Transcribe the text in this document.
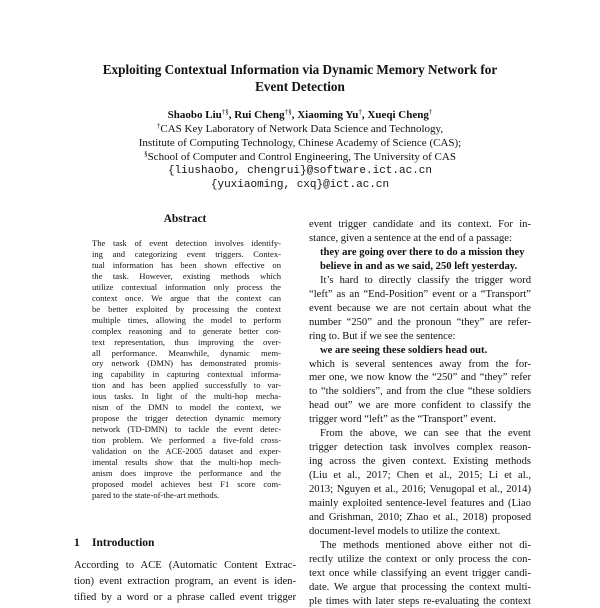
Exploiting Contextual Information via Dynamic Memory Network for
Event Detection
Shaobo Liu†§, Rui Cheng†§, Xiaoming Yu†, Xueqi Cheng†
†CAS Key Laboratory of Network Data Science and Technology,
Institute of Computing Technology, Chinese Academy of Science (CAS);
§School of Computer and Control Engineering, The University of CAS
{liushaobo, chengrui}@software.ict.ac.cn
{yuxiaoming, cxq}@ict.ac.cn
Abstract
The task of event detection involves identify-
ing and categorizing event triggers. Contex-
tual information has been shown effective on
the task. However, existing methods which
utilize contextual information only process the
context once. We argue that the context can
be better exploited by processing the context
multiple times, allowing the model to perform
complex reasoning and to generate better con-
text representation, thus improving the over-
all performance. Meanwhile, dynamic mem-
ory network (DMN) has demonstrated promis-
ing capability in capturing contextual informa-
tion and has been applied successfully to var-
ious tasks. In light of the multi-hop mecha-
nism of the DMN to model the context, we
propose the trigger detection dynamic memory
network (TD-DMN) to tackle the event detec-
tion problem. We performed a five-fold cross-
validation on the ACE-2005 dataset and exper-
imental results show that the multi-hop mech-
anism does improve the performance and the
proposed model achieves best F1 score com-
pared to the state-of-the-art methods.
1 Introduction
According to ACE (Automatic Content Extrac-
tion) event extraction program, an event is iden-
tified by a word or a phrase called event trigger
event trigger candidate and its context. For in-
stance, given a sentence at the end of a passage:
they are going over there to do a mission they
believe in and as we said, 250 left yesterday.
It’s hard to directly classify the trigger word
“left” as an “End-Position” event or a “Transport”
event because we are not certain about what the
number “250” and the pronoun “they” are refer-
ring to. But if we see the sentence:
we are seeing these soldiers head out.
which is several sentences away from the for-
mer one, we now know the “250” and “they” refer
to “the soldiers”, and from the clue “these soldiers
head out” we are more confident to classify the
trigger word “left” as the “Transport” event.
From the above, we can see that the event
trigger detection task involves complex reason-
ing across the given context. Existing methods
(Liu et al., 2017; Chen et al., 2015; Li et al.,
2013; Nguyen et al., 2016; Venugopal et al., 2014)
mainly exploited sentence-level features and (Liao
and Grishman, 2010; Zhao et al., 2018) proposed
document-level models to utilize the context.
The methods mentioned above either not di-
rectly utilize the context or only process the con-
text once while classifying an event trigger candi-
date. We argue that processing the context multi-
ple times with later steps re-evaluating the context
